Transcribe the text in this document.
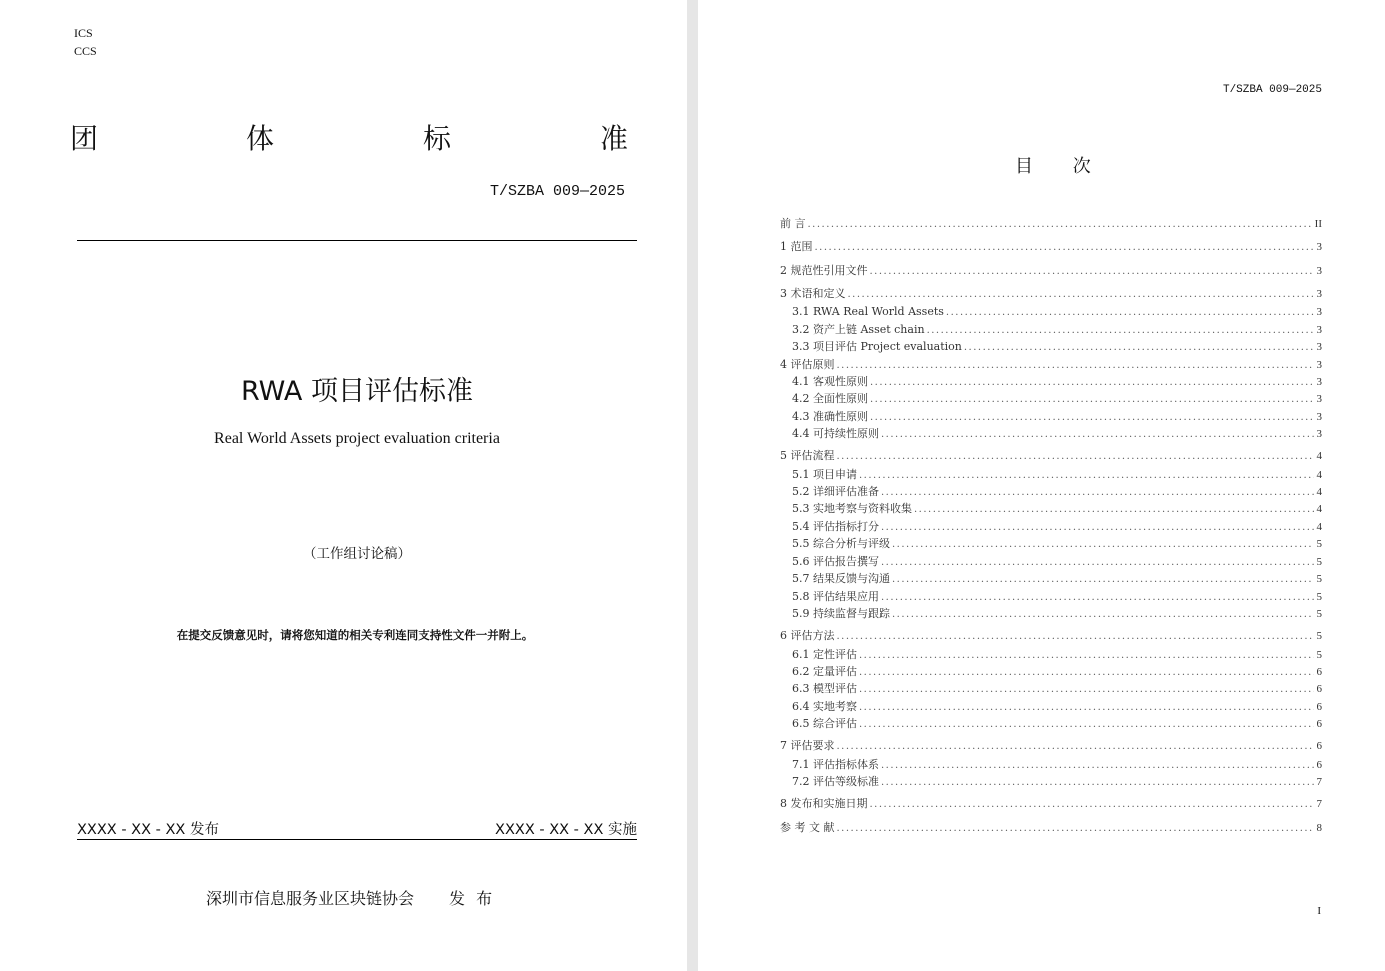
ICS
CCS
团	体	标	准
T/SZBA 009—2025
RWA 项目评估标准
Real World Assets project evaluation criteria
（工作组讨论稿）
在提交反馈意见时，请将您知道的相关专利连同支持性文件一并附上。
XXXX - XX - XX 发布	XXXX - XX - XX 实施
深圳市信息服务业区块链协会 发 布
T/SZBA 009—2025
目 次
前 言 .....	II
1 范围 .....	3
2 规范性引用文件 .....	3
3 术语和定义 .....	3
3.1 RWA Real World Assets .....	3
3.2 资产上链 Asset chain .....	3
3.3 项目评估 Project evaluation .....	3
4 评估原则 .....	3
4.1 客观性原则 .....	3
4.2 全面性原则 .....	3
4.3 准确性原则 .....	3
4.4 可持续性原则 .....	3
5 评估流程 .....	4
5.1 项目申请 .....	4
5.2 详细评估准备 .....	4
5.3 实地考察与资料收集 .....	4
5.4 评估指标打分 .....	4
5.5 综合分析与评级 .....	5
5.6 评估报告撰写 .....	5
5.7 结果反馈与沟通 .....	5
5.8 评估结果应用 .....	5
5.9 持续监督与跟踪 .....	5
6 评估方法 .....	5
6.1 定性评估 .....	5
6.2 定量评估 .....	6
6.3 模型评估 .....	6
6.4 实地考察 .....	6
6.5 综合评估 .....	6
7 评估要求 .....	6
7.1 评估指标体系 .....	6
7.2 评估等级标准 .....	7
8 发布和实施日期 .....	7
参 考 文 献 .....	8
I
